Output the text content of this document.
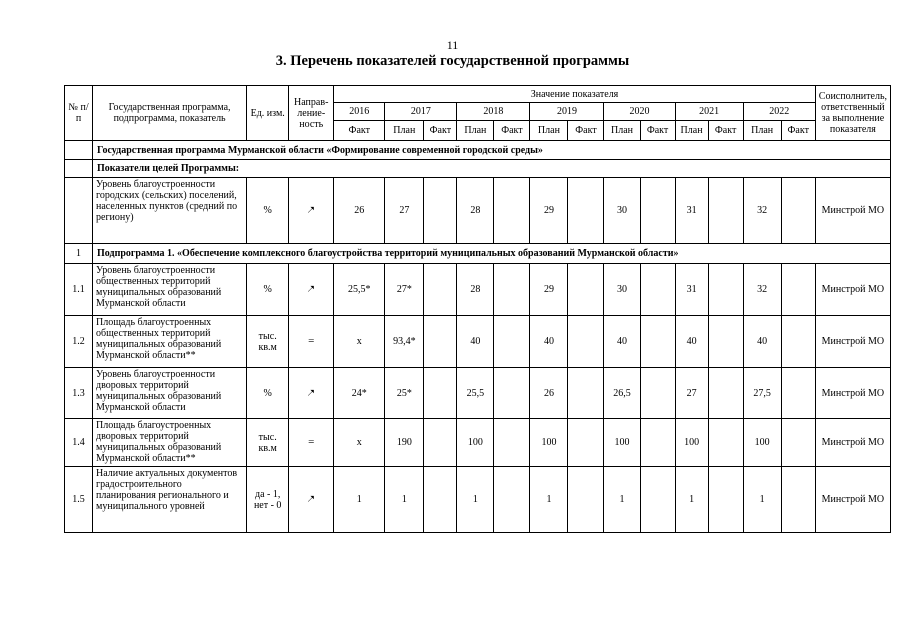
11
3. Перечень показателей государственной программы
№ п/п	Государственная программа, подпрограмма, показатель	Ед. изм.	Направ-ление-ность	Значение показателя													Соисполнитель, ответственный за выполнение показателя
				2016	2017		2018		2019		2020		2021		2022		
				Факт	План	Факт	План	Факт	План	Факт	План	Факт	План	Факт	План	Факт	
	Государственная программа Мурманской области «Формирование современной городской среды»																
	Показатели целей Программы:																
	Уровень благоустроенности городских (сельских) поселений, населенных пунктов (средний по региону)	%	➝	26	27		28		29		30		31		32		Минстрой МО
1	Подпрограмма 1. «Обеспечение комплексного благоустройства территорий муниципальных образований Мурманской области»																
1.1	Уровень благоустроенности общественных территорий муниципальных образований Мурманской области	%	➝	25,5*	27*		28		29		30		31		32		Минстрой МО
1.2	Площадь благоустроенных общественных территорий муниципальных образований Мурманской области**	тыс. кв.м	=	x	93,4*		40		40		40		40		40		Минстрой МО
1.3	Уровень благоустроенности дворовых территорий муниципальных образований Мурманской области	%	➝	24*	25*		25,5		26		26,5		27		27,5		Минстрой МО
1.4	Площадь благоустроенных дворовых территорий муниципальных образований Мурманской области**	тыс. кв.м	=	x	190		100		100		100		100		100		Минстрой МО
1.5	Наличие актуальных документов градостроительного планирования регионального и муниципального уровней	да - 1, нет - 0	➝	1	1		1		1		1		1		1		Минстрой МО
